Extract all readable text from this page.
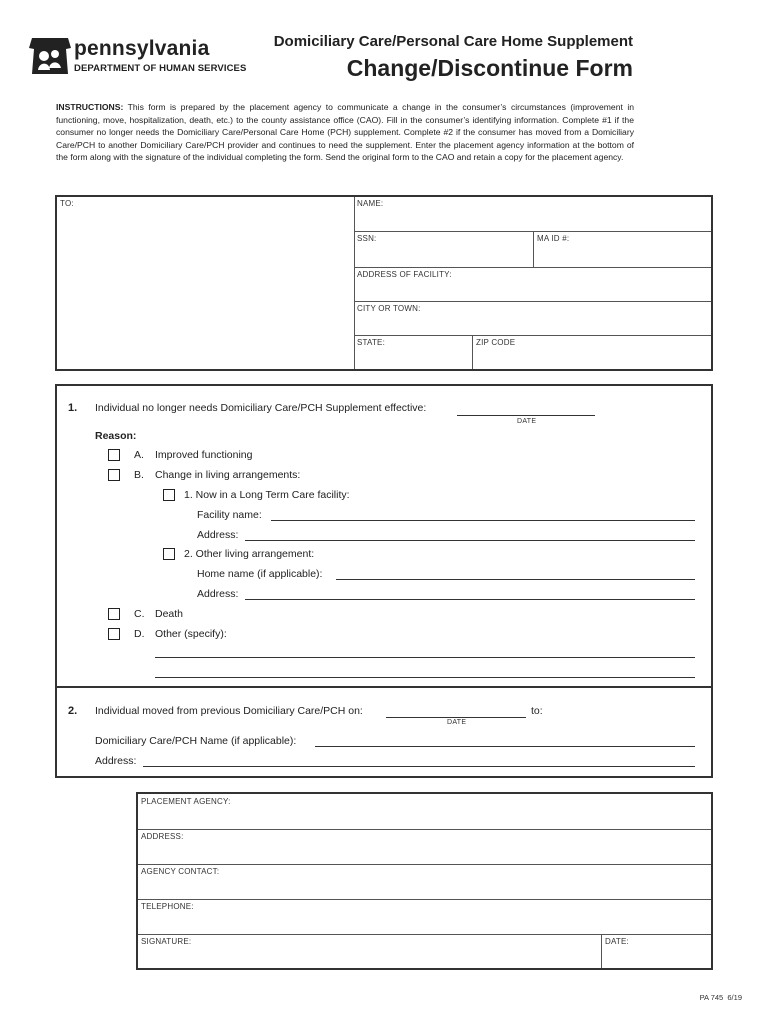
pennsylvania
DEPARTMENT OF HUMAN SERVICES
Domiciliary Care/Personal Care Home Supplement
Change/Discontinue Form
INSTRUCTIONS: This form is prepared by the placement agency to communicate a change in the consumer’s circumstances (improvement in functioning, move, hospitalization, death, etc.) to the county assistance office (CAO). Fill in the consumer’s identifying information. Complete #1 if the consumer no longer needs the Domiciliary Care/Personal Care Home (PCH) supplement. Complete #2 if the consumer has moved from a Domiciliary Care/PCH to another Domiciliary Care/PCH provider and continues to need the supplement. Enter the placement agency information at the bottom of the form along with the signature of the individual completing the form. Send the original form to the CAO and retain a copy for the placement agency.
TO:	NAME:
SSN:	MA ID #:
ADDRESS OF FACILITY:
CITY OR TOWN:
STATE:	ZIP CODE
1. Individual no longer needs Domiciliary Care/PCH Supplement effective:
DATE
Reason:
A. Improved functioning
B. Change in living arrangements:
1. Now in a Long Term Care facility:
Facility name:
Address:
2. Other living arrangement:
Home name (if applicable):
Address:
C. Death
D. Other (specify):
2. Individual moved from previous Domiciliary Care/PCH on:
DATE
to:
Domiciliary Care/PCH Name (if applicable):
Address:
PLACEMENT AGENCY:
ADDRESS:
AGENCY CONTACT:
TELEPHONE:
SIGNATURE:	DATE:
PA 745 6/19
